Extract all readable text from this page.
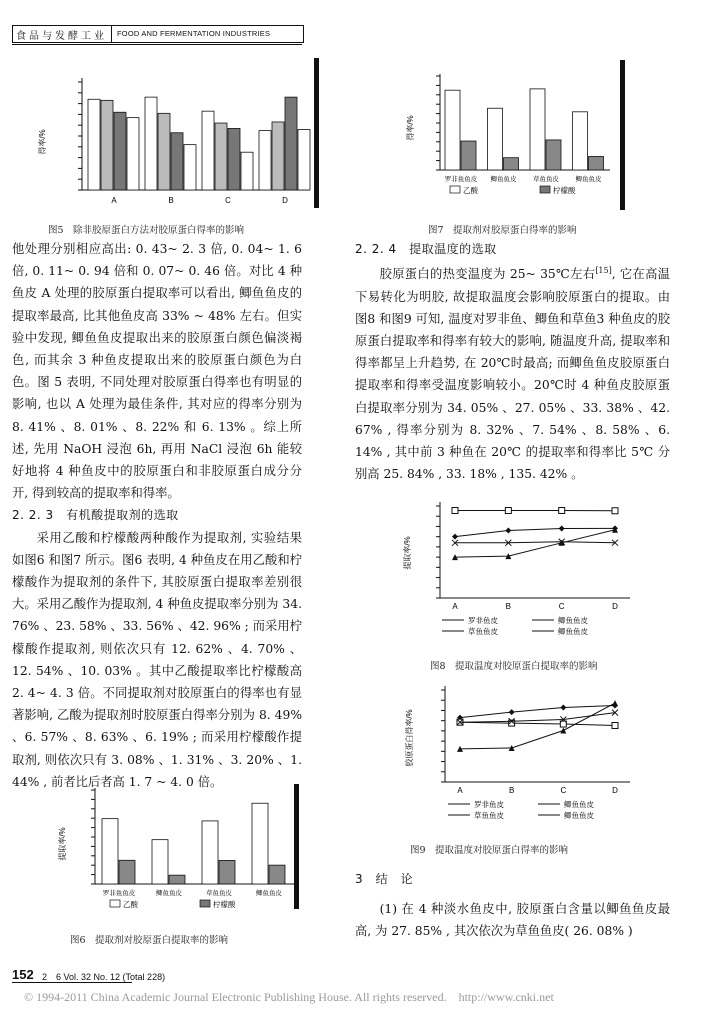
食品与发酵工业 FOOD AND FERMENTATION INDUSTRIES
得率/%
A	B	C	D
图5　除非胶原蛋白方法对胶原蛋白得率的影响
得率/%
罗非鱼鱼皮 鲫鱼鱼皮	草鱼鱼皮	鲫鱼鱼皮
乙酸	柠檬酸
图7　提取剂对胶原蛋白得率的影响

他处理分别相应高出: 0. 43~ 2. 3 倍, 0. 04~ 1. 6 倍, 0. 11~ 0. 94 倍和 0. 07~ 0. 46 倍。对比 4 种鱼皮 A 处理的胶原蛋白提取率可以看出, 鲫鱼鱼皮的提取率最高, 比其他鱼皮高 33% ~ 48% 左右。但实验中发现, 鲫鱼鱼皮提取出来的胶原蛋白颜色偏淡褐色, 而其余 3 种鱼皮提取出来的胶原蛋白颜色为白色。图 5 表明, 不同处理对胶原蛋白得率也有明显的影响, 也以 A 处理为最佳条件, 其对应的得率分别为 8. 41% 、8. 01% 、8. 22% 和 6. 13% 。综上所述, 先用 NaOH 浸泡 6h, 再用 NaCl 浸泡 6h 能较好地将 4 种鱼皮中的胶原蛋白和非胶原蛋白成分分开, 得到较高的提取率和得率。

2. 2. 3　有机酸提取剂的选取

采用乙酸和柠檬酸两种酸作为提取剂, 实验结果如图6 和图7 所示。图6 表明, 4 种鱼皮在用乙酸和柠檬酸作为提取剂的条件下, 其胶原蛋白提取率差别很大。采用乙酸作为提取剂, 4 种鱼皮提取率分别为 34. 76% 、23. 58% 、33. 56% 、42. 96% ; 而采用柠檬酸作提取剂, 则依次只有 12. 62% 、4. 70% 、12. 54% 、10. 03% 。其中乙酸提取率比柠檬酸高 2. 4~ 4. 3 倍。不同提取剂对胶原蛋白的得率也有显著影响, 乙酸为提取剂时胶原蛋白得率分别为 8. 49% 、6. 57% 、8. 63% 、6. 19% ; 而采用柠檬酸作提取剂, 则依次只有 3. 08% 、1. 31% 、3. 20% 、1. 44% , 前者比后者高 1. 7 ~ 4. 0 倍。

提取率/%
罗非鱼鱼皮	鲫鱼鱼皮	草鱼鱼皮	鲫鱼鱼皮
乙酸	柠檬酸
图6　提取剂对胶原蛋白提取率的影响

2. 2. 4　提取温度的选取

胶原蛋白的热变温度为 25~ 35℃左右[15], 它在高温下易转化为明胶, 故提取温度会影响胶原蛋白的提取。由图8 和图9 可知, 温度对罗非鱼、鲫鱼和草鱼3 种鱼皮的胶原蛋白提取率和得率有较大的影响, 随温度升高, 提取率和得率都呈上升趋势, 在 20℃时最高; 而鲫鱼鱼皮胶原蛋白提取率和得率受温度影响较小。20℃时 4 种鱼皮胶原蛋白提取率分别为 34. 05% 、27. 05% 、33. 38% 、42. 67% , 得率分别为 8. 32% 、7. 54% 、8. 58% 、6. 14% , 其中前 3 种鱼在 20℃ 的提取率和得率比 5℃ 分别高 25. 84% , 33. 18% , 135. 42% 。

提取率/%
A	B	C	D
罗非鱼皮	鲫鱼鱼皮
草鱼鱼皮	鲫鱼鱼皮
图8　提取温度对胶原蛋白提取率的影响
胶原蛋白得率/%
A	B	C	D
罗非鱼皮	鲫鱼鱼皮
草鱼鱼皮	鲫鱼鱼皮
图9　提取温度对胶原蛋白得率的影响

3　结　论

(1) 在 4 种淡水鱼皮中, 胶原蛋白含量以鲫鱼鱼皮最高, 为 27. 85% , 其次依次为草鱼鱼皮( 26. 08% )

152 2　6 Vol. 32 No. 12 (Total 228)
© 1994-2011 China Academic Journal Electronic Publishing House. All rights reserved.　http://www.cnki.net
